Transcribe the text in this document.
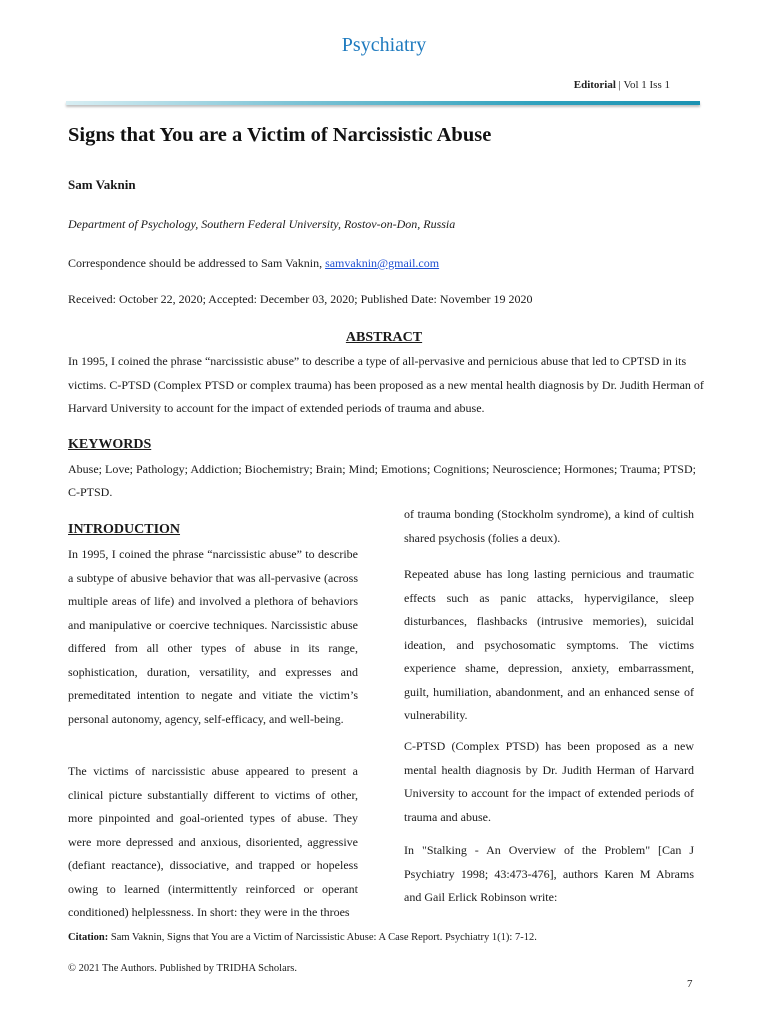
Psychiatry
Editorial | Vol 1 Iss 1
Signs that You are a Victim of Narcissistic Abuse
Sam Vaknin
Department of Psychology, Southern Federal University, Rostov-on-Don, Russia
Correspondence should be addressed to Sam Vaknin, samvaknin@gmail.com
Received: October 22, 2020; Accepted: December 03, 2020; Published Date: November 19 2020
ABSTRACT
In 1995, I coined the phrase “narcissistic abuse” to describe a type of all-pervasive and pernicious abuse that led to CPTSD in its victims. C-PTSD (Complex PTSD or complex trauma) has been proposed as a new mental health diagnosis by Dr. Judith Herman of Harvard University to account for the impact of extended periods of trauma and abuse.
KEYWORDS
Abuse; Love; Pathology; Addiction; Biochemistry; Brain; Mind; Emotions; Cognitions; Neuroscience; Hormones; Trauma; PTSD; C-PTSD.
INTRODUCTION
In 1995, I coined the phrase “narcissistic abuse” to describe a subtype of abusive behavior that was all-pervasive (across multiple areas of life) and involved a plethora of behaviors and manipulative or coercive techniques. Narcissistic abuse differed from all other types of abuse in its range, sophistication, duration, versatility, and expresses and premeditated intention to negate and vitiate the victim’s personal autonomy, agency, self-efficacy, and well-being.
The victims of narcissistic abuse appeared to present a clinical picture substantially different to victims of other, more pinpointed and goal-oriented types of abuse. They were more depressed and anxious, disoriented, aggressive (defiant reactance), dissociative, and trapped or hopeless owing to learned (intermittently reinforced or operant conditioned) helplessness. In short: they were in the throes
of trauma bonding (Stockholm syndrome), a kind of cultish shared psychosis (folies a deux).
Repeated abuse has long lasting pernicious and traumatic effects such as panic attacks, hypervigilance, sleep disturbances, flashbacks (intrusive memories), suicidal ideation, and psychosomatic symptoms. The victims experience shame, depression, anxiety, embarrassment, guilt, humiliation, abandonment, and an enhanced sense of vulnerability.
C-PTSD (Complex PTSD) has been proposed as a new mental health diagnosis by Dr. Judith Herman of Harvard University to account for the impact of extended periods of trauma and abuse.
In "Stalking - An Overview of the Problem" [Can J Psychiatry 1998; 43:473-476], authors Karen M Abrams and Gail Erlick Robinson write:
Citation: Sam Vaknin, Signs that You are a Victim of Narcissistic Abuse: A Case Report. Psychiatry 1(1): 7-12.
© 2021 The Authors. Published by TRIDHA Scholars.
7
